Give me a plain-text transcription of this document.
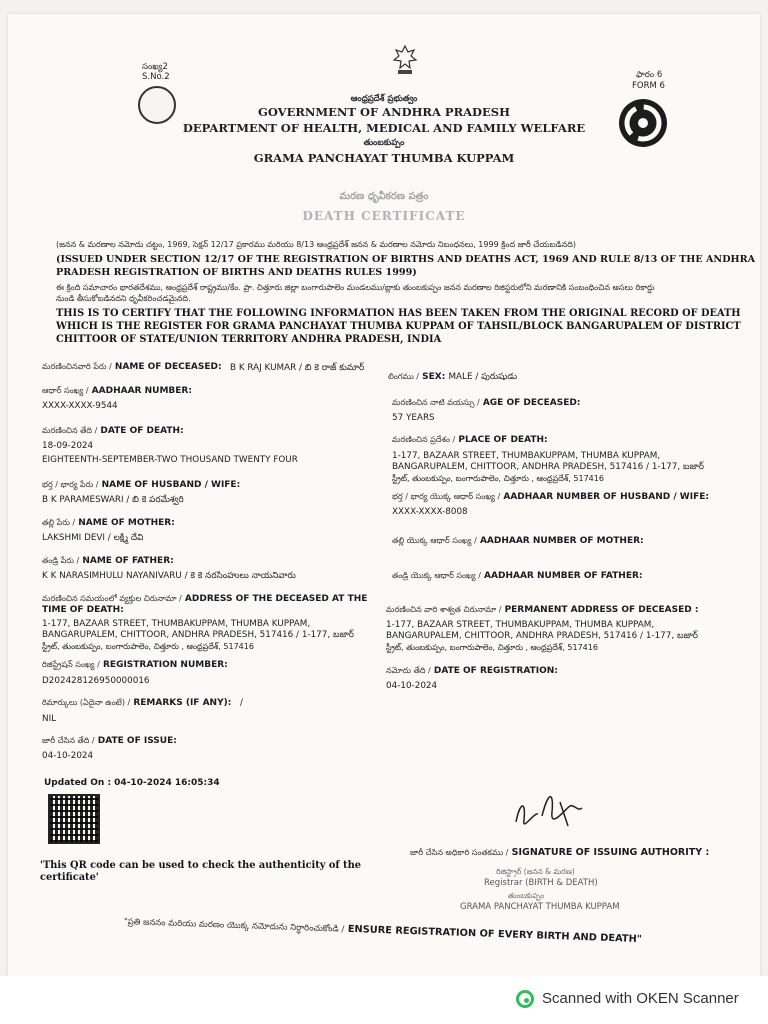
సంఖ్య2
S.No.2	ఫారం 6
FORM 6
ఆంధ్రప్రదేశ్ ప్రభుత్వం
GOVERNMENT OF ANDHRA PRADESH
DEPARTMENT OF HEALTH, MEDICAL AND FAMILY WELFARE
తుంబకుప్పం
GRAMA PANCHAYAT THUMBA KUPPAM
మరణ ధృవీకరణ పత్రం
DEATH CERTIFICATE
(జనన & మరణాల నమోదు చట్టం, 1969, సెక్షన్ 12/17 ప్రకారము మరియు 8/13 ఆంధ్రప్రదేశ్ జనన & మరణాల నమోదు నిబంధనలు, 1999 క్రింద జారీ చేయబడినది)
(ISSUED UNDER SECTION 12/17 OF THE REGISTRATION OF BIRTHS AND DEATHS ACT, 1969 AND RULE 8/13 OF THE ANDHRA
PRADESH REGISTRATION OF BIRTHS AND DEATHS RULES 1999)
ఈ క్రింది సమాచారం భారతదేశము, ఆంధ్రప్రదేశ్ రాష్ట్రము/కేం. ప్రా. చిత్తూరు జిల్లా బంగారుపాలెం మండలము/బ్లాకు తుంబకుప్పం జనన మరణాల రిజిస్టరులోని మరణానికి సంబంధించిన అసలు రికార్డు
నుండి తీసుకోబడినదని ధృవీకరించడమైనది.
THIS IS TO CERTIFY THAT THE FOLLOWING INFORMATION HAS BEEN TAKEN FROM THE ORIGINAL RECORD OF DEATH
WHICH IS THE REGISTER FOR GRAMA PANCHAYAT THUMBA KUPPAM OF TAHSIL/BLOCK BANGARUPALEM OF DISTRICT
CHITTOOR OF STATE/UNION TERRITORY ANDHRA PRADESH, INDIA
మరణించినవారి పేరు / NAME OF DECEASED: B K RAJ KUMAR / బి కె రాజ్ కుమార్
ఆధార్ సంఖ్య / AADHAAR NUMBER:
XXXX-XXXX-9544
మరణించిన తేది / DATE OF DEATH:
18-09-2024
EIGHTEENTH-SEPTEMBER-TWO THOUSAND TWENTY FOUR
భర్త / భార్య పేరు / NAME OF HUSBAND / WIFE:
B K PARAMESWARI / బి కె పరమేశ్వరి
తల్లి పేరు / NAME OF MOTHER:
LAKSHMI DEVI / లక్ష్మి దేవి
తండ్రి పేరు / NAME OF FATHER:
K K NARASIMHULU NAYANIVARU / కె కె నరసింహులు నాయనివారు
మరణించిన సమయంలో వ్యక్తుల చిరునామా / ADDRESS OF THE DECEASED AT THE
TIME OF DEATH:
1-177, BAZAAR STREET, THUMBAKUPPAM, THUMBA KUPPAM,
BANGARUPALEM, CHITTOOR, ANDHRA PRADESH, 517416 / 1-177, బజార్
స్ట్రీట్, తుంబకుప్పం, బంగారుపాలెం, చిత్తూరు , ఆంధ్రప్రదేశ్, 517416
రిజిస్ట్రేషన్ సంఖ్య / REGISTRATION NUMBER:
D202428126950000016
రిమార్కులు (ఏదైనా ఉంటే) / REMARKS (IF ANY): /
NIL
జారీ చేసిన తేది / DATE OF ISSUE:
04-10-2024
లింగము / SEX: MALE / పురుషుడు
మరణించిన నాటి వయస్సు / AGE OF DECEASED:
57 YEARS
మరణించిన ప్రదేశం / PLACE OF DEATH:
1-177, BAZAAR STREET, THUMBAKUPPAM, THUMBA KUPPAM,
BANGARUPALEM, CHITTOOR, ANDHRA PRADESH, 517416 / 1-177, బజార్
స్ట్రీట్, తుంబకుప్పం, బంగారుపాలెం, చిత్తూరు , ఆంధ్రప్రదేశ్, 517416
భర్త / భార్య యొక్క ఆధార్ సంఖ్య / AADHAAR NUMBER OF HUSBAND / WIFE:
XXXX-XXXX-8008
తల్లి యొక్క ఆధార్ సంఖ్య / AADHAAR NUMBER OF MOTHER:
తండ్రి యొక్క ఆధార్ సంఖ్య / AADHAAR NUMBER OF FATHER:
మరణించిన వారి శాశ్వత చిరునామా / PERMANENT ADDRESS OF DECEASED :
1-177, BAZAAR STREET, THUMBAKUPPAM, THUMBA KUPPAM,
BANGARUPALEM, CHITTOOR, ANDHRA PRADESH, 517416 / 1-177, బజార్
స్ట్రీట్, తుంబకుప్పం, బంగారుపాలెం, చిత్తూరు , ఆంధ్రప్రదేశ్, 517416
నమోదు తేది / DATE OF REGISTRATION:
04-10-2024
Updated On : 04-10-2024 16:05:34
'This QR code can be used to check the authenticity of the
certificate'
జారీ చేసిన అధికారి సంతకము / SIGNATURE OF ISSUING AUTHORITY :
రిజిస్ట్రార్ (జనన & మరణ)
Registrar (BIRTH & DEATH)
తుంబకుప్పం
GRAMA PANCHAYAT THUMBA KUPPAM
"ప్రతి జననం మరియు మరణం యొక్క నమోదును నిర్ధారించుకోండి / ENSURE REGISTRATION OF EVERY BIRTH AND DEATH"
Scanned with OKEN Scanner
